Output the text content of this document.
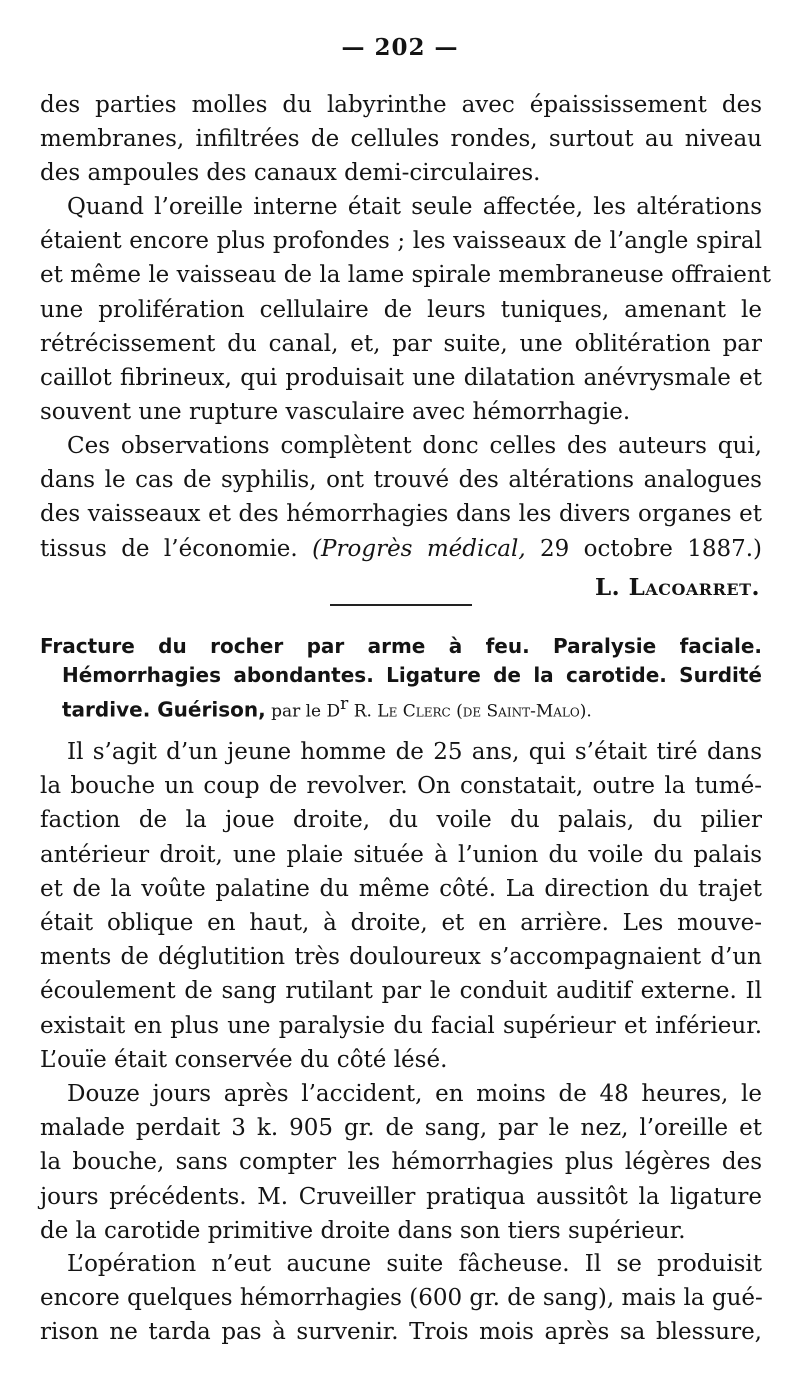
— 202 —
des parties molles du labyrinthe avec épaississement des
membranes, infiltrées de cellules rondes, surtout au niveau
des ampoules des canaux demi-circulaires.
Quand l’oreille interne était seule affectée, les altérations
étaient encore plus profondes ; les vaisseaux de l’angle spiral
et même le vaisseau de la lame spirale membraneuse offraient
une prolifération cellulaire de leurs tuniques, amenant le
rétrécissement du canal, et, par suite, une oblitération par
caillot fibrineux, qui produisait une dilatation anévrysmale et
souvent une rupture vasculaire avec hémorrhagie.
Ces observations complètent donc celles des auteurs qui,
dans le cas de syphilis, ont trouvé des altérations analogues
des vaisseaux et des hémorrhagies dans les divers organes et
tissus de l’économie. (Progrès médical, 29 octobre 1887.)
L. Lacoarret.
Fracture du rocher par arme à feu. Paralysie faciale.
Hémorrhagies abondantes. Ligature de la carotide. Surdité
tardive. Guérison, par le $D^r$ R. Le Clerc (de Saint-Malo).
Il s’agit d’un jeune homme de 25 ans, qui s’était tiré dans
la bouche un coup de revolver. On constatait, outre la tumé-
faction de la joue droite, du voile du palais, du pilier
antérieur droit, une plaie située à l’union du voile du palais
et de la voûte palatine du même côté. La direction du trajet
était oblique en haut, à droite, et en arrière. Les mouve-
ments de déglutition très douloureux s’accompagnaient d’un
écoulement de sang rutilant par le conduit auditif externe. Il
existait en plus une paralysie du facial supérieur et inférieur.
L’ouïe était conservée du côté lésé.
Douze jours après l’accident, en moins de 48 heures, le
malade perdait 3 k. 905 gr. de sang, par le nez, l’oreille et
la bouche, sans compter les hémorrhagies plus légères des
jours précédents. M. Cruveiller pratiqua aussitôt la ligature
de la carotide primitive droite dans son tiers supérieur.
L’opération n’eut aucune suite fâcheuse. Il se produisit
encore quelques hémorrhagies (600 gr. de sang), mais la gué-
rison ne tarda pas à survenir. Trois mois après sa blessure,
